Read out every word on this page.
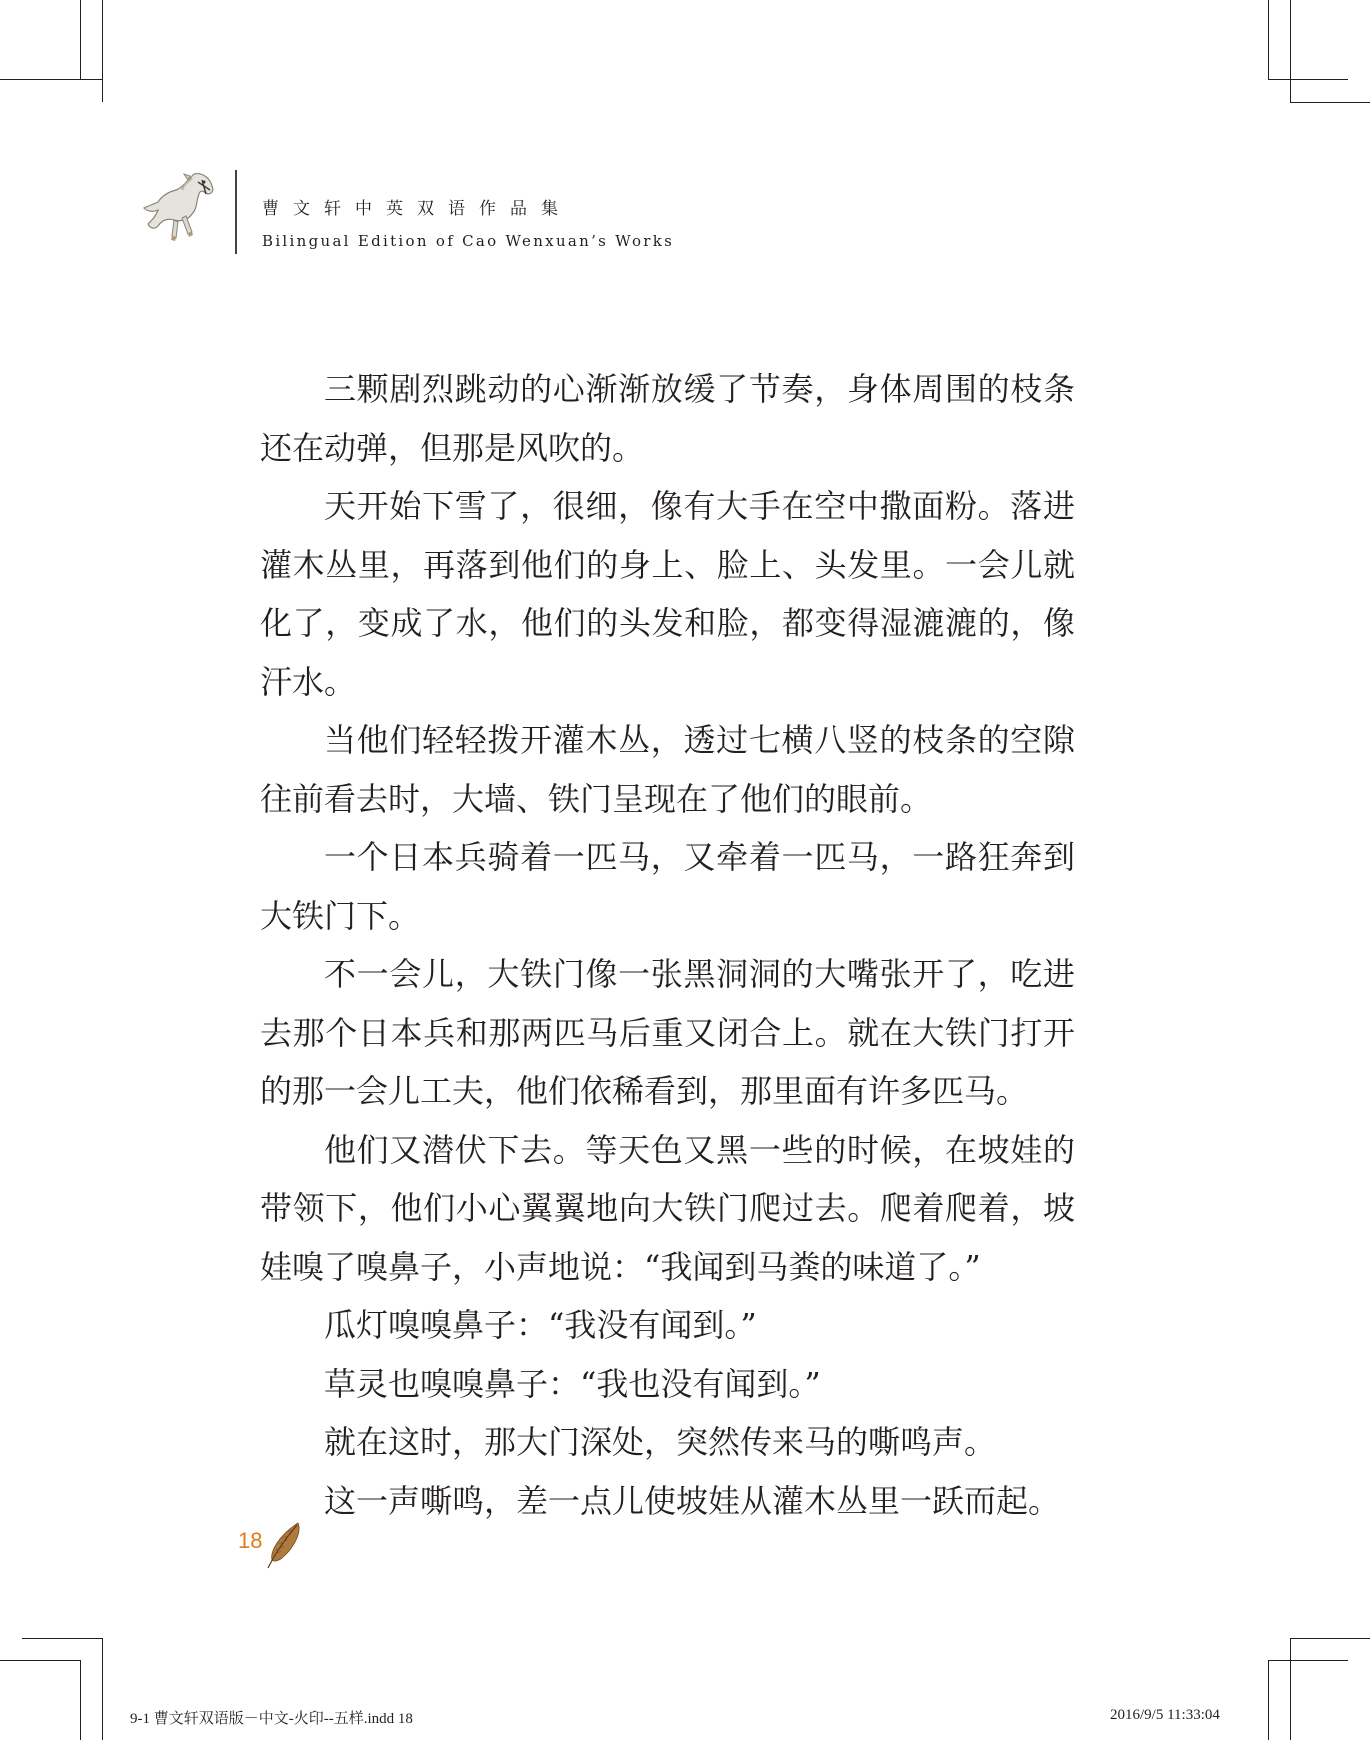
曹文轩中英双语作品集
Bilingual Edition of Cao Wenxuan’s Works

三颗剧烈跳动的心渐渐放缓了节奏，身体周围的枝条还在动弹，但那是风吹的。

天开始下雪了，很细，像有大手在空中撒面粉。落进灌木丛里，再落到他们的身上、脸上、头发里。一会儿就化了，变成了水，他们的头发和脸，都变得湿漉漉的，像汗水。

当他们轻轻拨开灌木丛，透过七横八竖的枝条的空隙往前看去时，大墙、铁门呈现在了他们的眼前。

一个日本兵骑着一匹马，又牵着一匹马，一路狂奔到大铁门下。

不一会儿，大铁门像一张黑洞洞的大嘴张开了，吃进去那个日本兵和那两匹马后重又闭合上。就在大铁门打开的那一会儿工夫，他们依稀看到，那里面有许多匹马。

他们又潜伏下去。等天色又黑一些的时候，在坡娃的带领下，他们小心翼翼地向大铁门爬过去。爬着爬着，坡娃嗅了嗅鼻子，小声地说：“我闻到马粪的味道了。”

瓜灯嗅嗅鼻子：“我没有闻到。”

草灵也嗅嗅鼻子：“我也没有闻到。”

就在这时，那大门深处，突然传来马的嘶鸣声。

这一声嘶鸣，差一点儿使坡娃从灌木丛里一跃而起。

18
9-1 曹文轩双语版－中文-火印--五样.indd 18	2016/9/5 11:33:04
